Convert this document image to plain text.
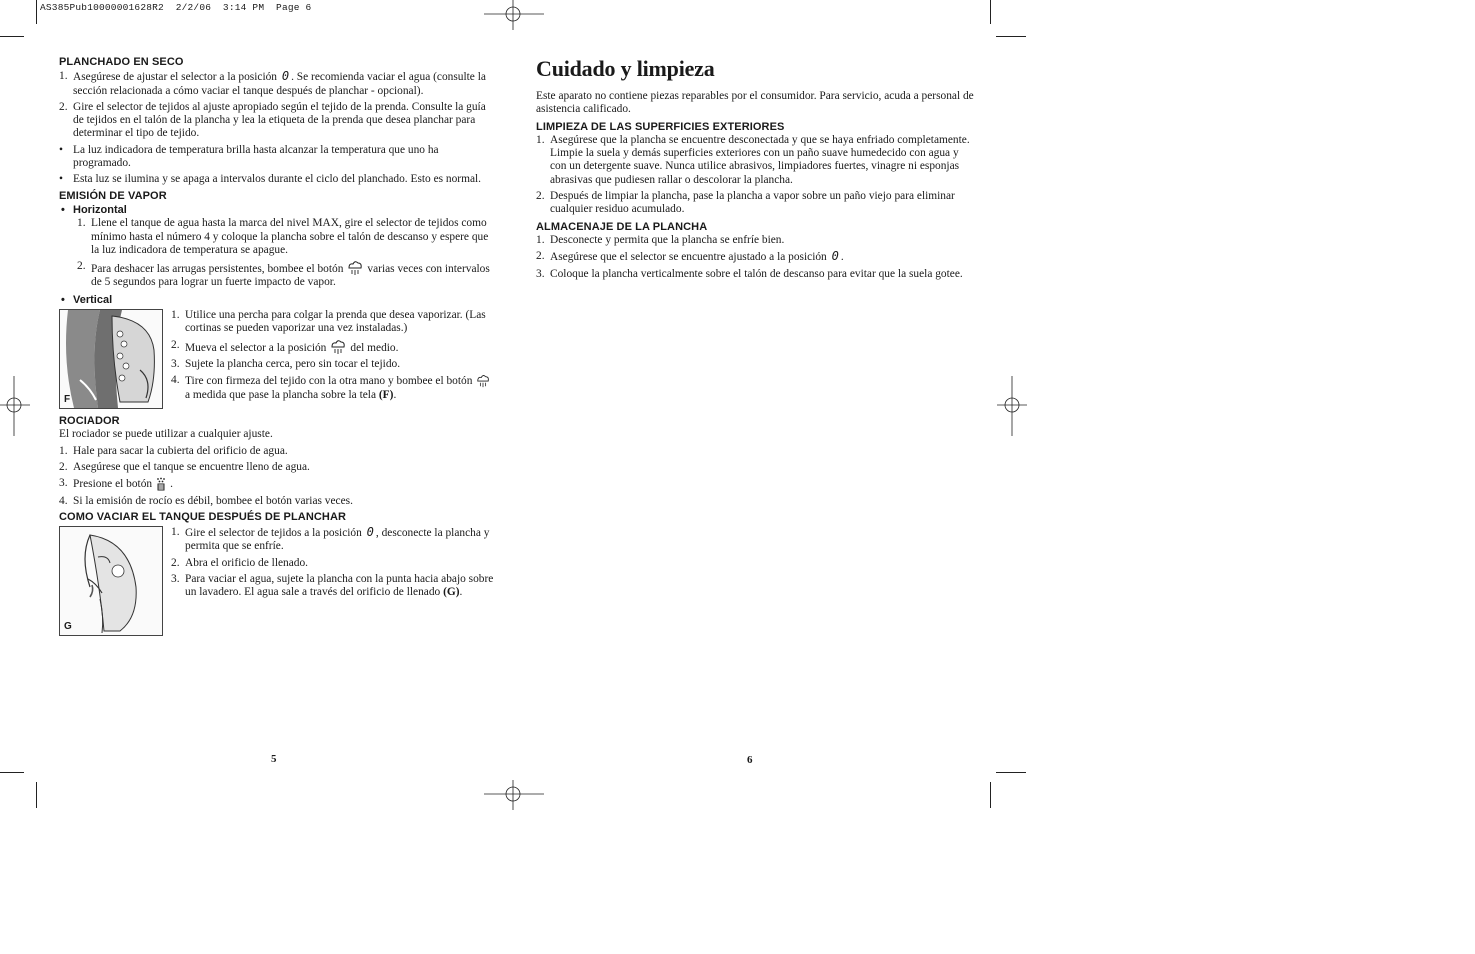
AS385Pub10000001628R2  2/2/06  3:14 PM  Page 6

PLANCHADO EN SECO

1. Asegúrese de ajustar el selector a la posición 0 . Se recomienda vaciar el agua (consulte la sección relacionada a cómo vaciar el tanque después de planchar - opcional).
2. Gire el selector de tejidos al ajuste apropiado según el tejido de la prenda. Consulte la guía de tejidos en el talón de la plancha y lea la etiqueta de la prenda que desea planchar para determinar el tipo de tejido.
• La luz indicadora de temperatura brilla hasta alcanzar la temperatura que uno ha programado.
• Esta luz se ilumina y se apaga a intervalos durante el ciclo del planchado. Esto es normal.

EMISIÓN DE VAPOR

• Horizontal
1. Llene el tanque de agua hasta la marca del nivel MAX, gire el selector de tejidos como mínimo hasta el número 4 y coloque la plancha sobre el talón de descanso y espere que la luz indicadora de temperatura se apague.
2. Para deshacer las arrugas persistentes, bombee el botón varias veces con intervalos de 5 segundos para lograr un fuerte impacto de vapor.
• Vertical
F
1. Utilice una percha para colgar la prenda que desea vaporizar. (Las cortinas se pueden vaporizar una vez instaladas.)
2. Mueva el selector a la posición del medio.
3. Sujete la plancha cerca, pero sin tocar el tejido.
4. Tire con firmeza del tejido con la otra mano y bombee el botóna medida que pase la plancha sobre la tela (F).

ROCIADOR

El rociador se puede utilizar a cualquier ajuste.
1. Hale para sacar la cubierta del orificio de agua.
2. Asegúrese que el tanque se encuentre lleno de agua.
3. Presione el botón .
4. Si la emisión de rocío es débil, bombee el botón varias veces.

COMO VACIAR EL TANQUE DESPUÉS DE PLANCHAR

G
1. Gire el selector de tejidos a la posición 0 , desconecte la plancha y permita que se enfríe.
2. Abra el orificio de llenado.
3. Para vaciar el agua, sujete la plancha con la punta hacia abajo sobre un lavadero. El agua sale a través del orificio de llenado (G).
5
Cuidado y limpieza
Este aparato no contiene piezas reparables por el consumidor. Para servicio, acuda a personal de asistencia calificado.

LIMPIEZA DE LAS SUPERFICIES EXTERIORES

1. Asegúrese que la plancha se encuentre desconectada y que se haya enfriado completamente. Limpie la suela y demás superficies exteriores con un paño suave humedecido con agua y con un detergente suave. Nunca utilice abrasivos, limpiadores fuertes, vinagre ni esponjas abrasivas que pudiesen rallar o descolorar la plancha.
2. Después de limpiar la plancha, pase la plancha a vapor sobre un paño viejo para eliminar cualquier residuo acumulado.

ALMACENAJE DE LA PLANCHA

1. Desconecte y permita que la plancha se enfríe bien.
2. Asegúrese que el selector se encuentre ajustado a la posición 0 .
3. Coloque la plancha verticalmente sobre el talón de descanso para evitar que la suela gotee.
6
